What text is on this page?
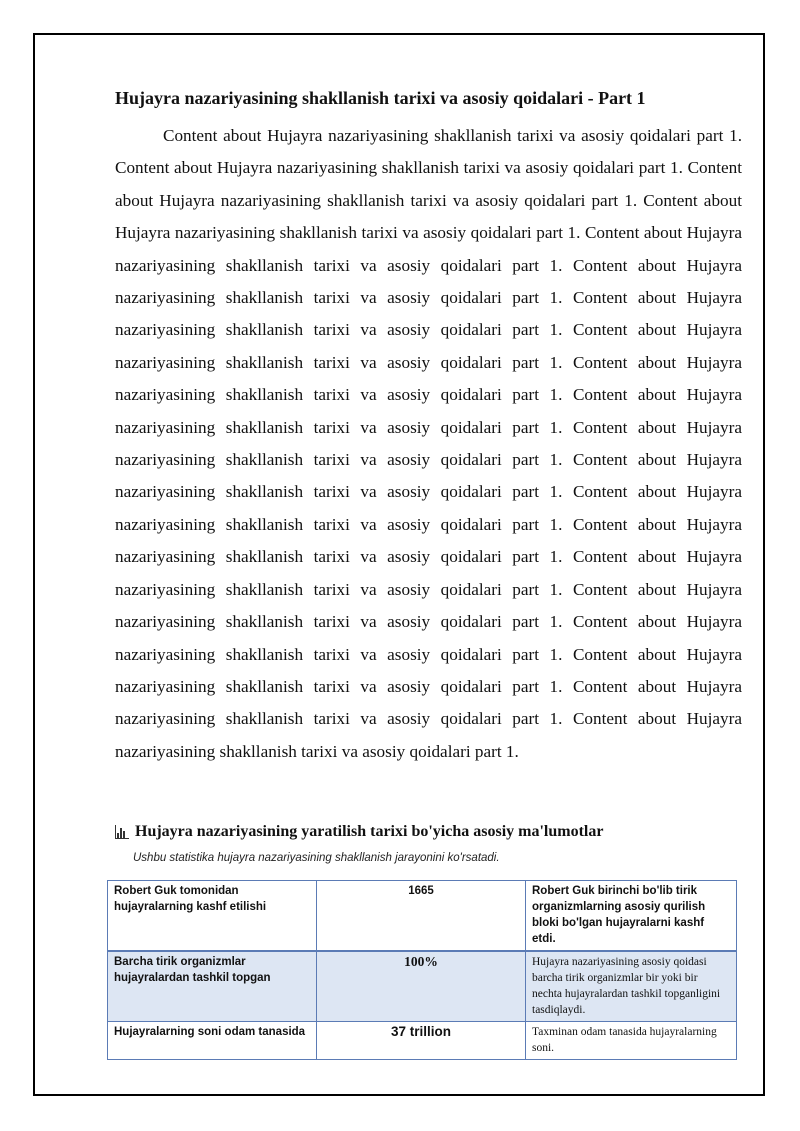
Hujayra nazariyasining shakllanish tarixi va asosiy qoidalari - Part 1

Content about Hujayra nazariyasining shakllanish tarixi va asosiy qoidalari part 1. Content about Hujayra nazariyasining shakllanish tarixi va asosiy qoidalari part 1. Content about Hujayra nazariyasining shakllanish tarixi va asosiy qoidalari part 1. Content about Hujayra nazariyasining shakllanish tarixi va asosiy qoidalari part 1. Content about Hujayra nazariyasining shakllanish tarixi va asosiy qoidalari part 1. Content about Hujayra nazariyasining shakllanish tarixi va asosiy qoidalari part 1. Content about Hujayra nazariyasining shakllanish tarixi va asosiy qoidalari part 1. Content about Hujayra nazariyasining shakllanish tarixi va asosiy qoidalari part 1. Content about Hujayra nazariyasining shakllanish tarixi va asosiy qoidalari part 1. Content about Hujayra nazariyasining shakllanish tarixi va asosiy qoidalari part 1. Content about Hujayra nazariyasining shakllanish tarixi va asosiy qoidalari part 1. Content about Hujayra nazariyasining shakllanish tarixi va asosiy qoidalari part 1. Content about Hujayra nazariyasining shakllanish tarixi va asosiy qoidalari part 1. Content about Hujayra nazariyasining shakllanish tarixi va asosiy qoidalari part 1. Content about Hujayra nazariyasining shakllanish tarixi va asosiy qoidalari part 1. Content about Hujayra nazariyasining shakllanish tarixi va asosiy qoidalari part 1. Content about Hujayra nazariyasining shakllanish tarixi va asosiy qoidalari part 1. Content about Hujayra nazariyasining shakllanish tarixi va asosiy qoidalari part 1. Content about Hujayra nazariyasining shakllanish tarixi va asosiy qoidalari part 1. Content about Hujayra nazariyasining shakllanish tarixi va asosiy qoidalari part 1.

Hujayra nazariyasining yaratilish tarixi bo'yicha asosiy ma'lumotlar
Ushbu statistika hujayra nazariyasining shakllanish jarayonini ko'rsatadi.
Robert Guk tomonidan hujayralarning kashf etilishi	1665	Robert Guk birinchi bo'lib tirik organizmlarning asosiy qurilish bloki bo'lgan hujayralarni kashf etdi.
Barcha tirik organizmlar hujayralardan tashkil topgan	100%	Hujayra nazariyasining asosiy qoidasi barcha tirik organizmlar bir yoki bir nechta hujayralardan tashkil topganligini tasdiqlaydi.
Hujayralarning soni odam tanasida	37 trillion	Taxminan odam tanasida hujayralarning soni.
